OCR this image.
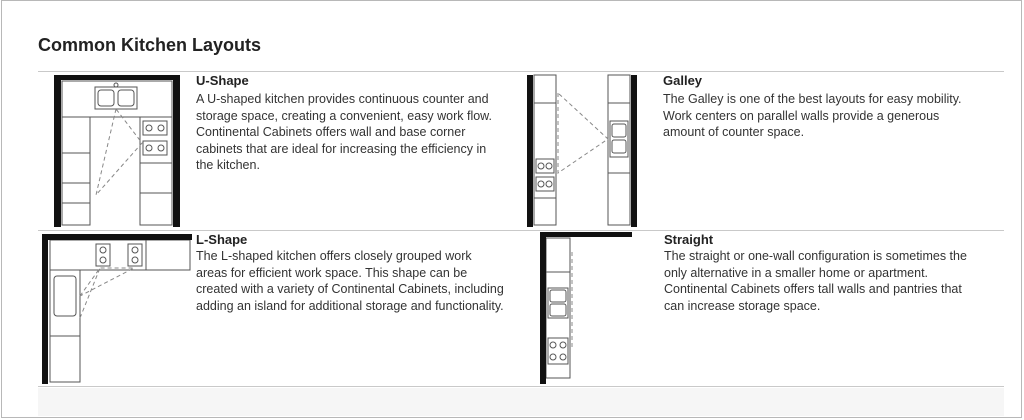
Common Kitchen Layouts
U-Shape

A U-shaped kitchen provides continuous counter and storage space, creating a convenient, easy work flow. Continental Cabinets offers wall and base corner cabinets that are ideal for increasing the efficiency in the kitchen.

Galley

The Galley is one of the best layouts for easy mobility. Work centers on parallel walls provide a generous amount of counter space.

L-Shape

The L-shaped kitchen offers closely grouped work areas for efficient work space. This shape can be created with a variety of Continental Cabinets, including adding an island for additional storage and functionality.

Straight

The straight or one-wall configuration is sometimes the only alternative in a smaller home or apartment. Continental Cabinets offers tall walls and pantries that can increase storage space.
